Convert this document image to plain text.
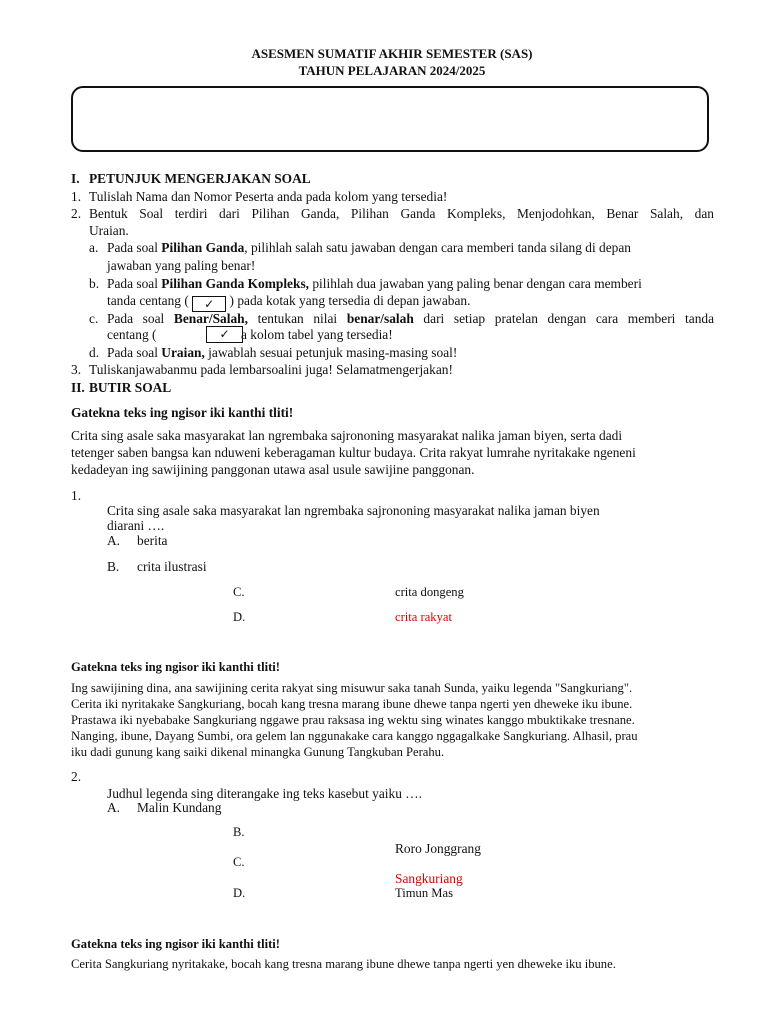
ASESMEN SUMATIF AKHIR SEMESTER (SAS)
TAHUN PELAJARAN 2024/2025
I. PETUNJUK MENGERJAKAN SOAL
1. Tulislah Nama dan Nomor Peserta anda pada kolom yang tersedia!
2. Bentuk Soal terdiri dari Pilihan Ganda, Pilihan Ganda Kompleks, Menjodohkan, Benar Salah, dan
Uraian.
a. Pada soal Pilihan Ganda, pilihlah salah satu jawaban dengan cara memberi tanda silang di depan
jawaban yang paling benar!
b. Pada soal Pilihan Ganda Kompleks, pilihlah dua jawaban yang paling benar dengan cara memberi
tanda centang ( ✓ ) pada kotak yang tersedia di depan jawaban.
c. Pada soal Benar/Salah, tentukan nilai benar/salah dari setiap pratelan dengan cara memberi tanda
centang (	✓ a kolom tabel yang tersedia!
d. Pada soal Uraian, jawablah sesuai petunjuk masing-masing soal!
3. Tuliskanjawabanmu pada lembarsoalini juga! Selamatmengerjakan!
II. BUTIR SOAL
Gatekna teks ing ngisor iki kanthi tliti!
Crita sing asale saka masyarakat lan ngrembaka sajrononing masyarakat nalika jaman biyen, serta dadi
tetenger saben bangsa kan nduweni keberagaman kultur budaya. Crita rakyat lumrahe nyritakake ngeneni
kedadeyan ing sawijining panggonan utawa asal usule sawijine panggonan.
1.
Crita sing asale saka masyarakat lan ngrembaka sajrononing masyarakat nalika jaman biyen
diarani ….
A. berita
B. crita ilustrasi
C.	crita dongeng
D.	crita rakyat
Gatekna teks ing ngisor iki kanthi tliti!
Ing sawijining dina, ana sawijining cerita rakyat sing misuwur saka tanah Sunda, yaiku legenda "Sangkuriang".
Cerita iki nyritakake Sangkuriang, bocah kang tresna marang ibune dhewe tanpa ngerti yen dheweke iku ibune.
Prastawa iki nyebabake Sangkuriang nggawe prau raksasa ing wektu sing winates kanggo mbuktikake tresnane.
Nanging, ibune, Dayang Sumbi, ora gelem lan nggunakake cara kanggo nggagalkake Sangkuriang. Alhasil, prau
iku dadi gunung kang saiki dikenal minangka Gunung Tangkuban Perahu.
2.
Judhul legenda sing diterangake ing teks kasebut yaiku ….
A. Malin Kundang
B.
Roro Jonggrang
C.
Sangkuriang
D.	Timun Mas
Gatekna teks ing ngisor iki kanthi tliti!
Cerita Sangkuriang nyritakake, bocah kang tresna marang ibune dhewe tanpa ngerti yen dheweke iku ibune.
